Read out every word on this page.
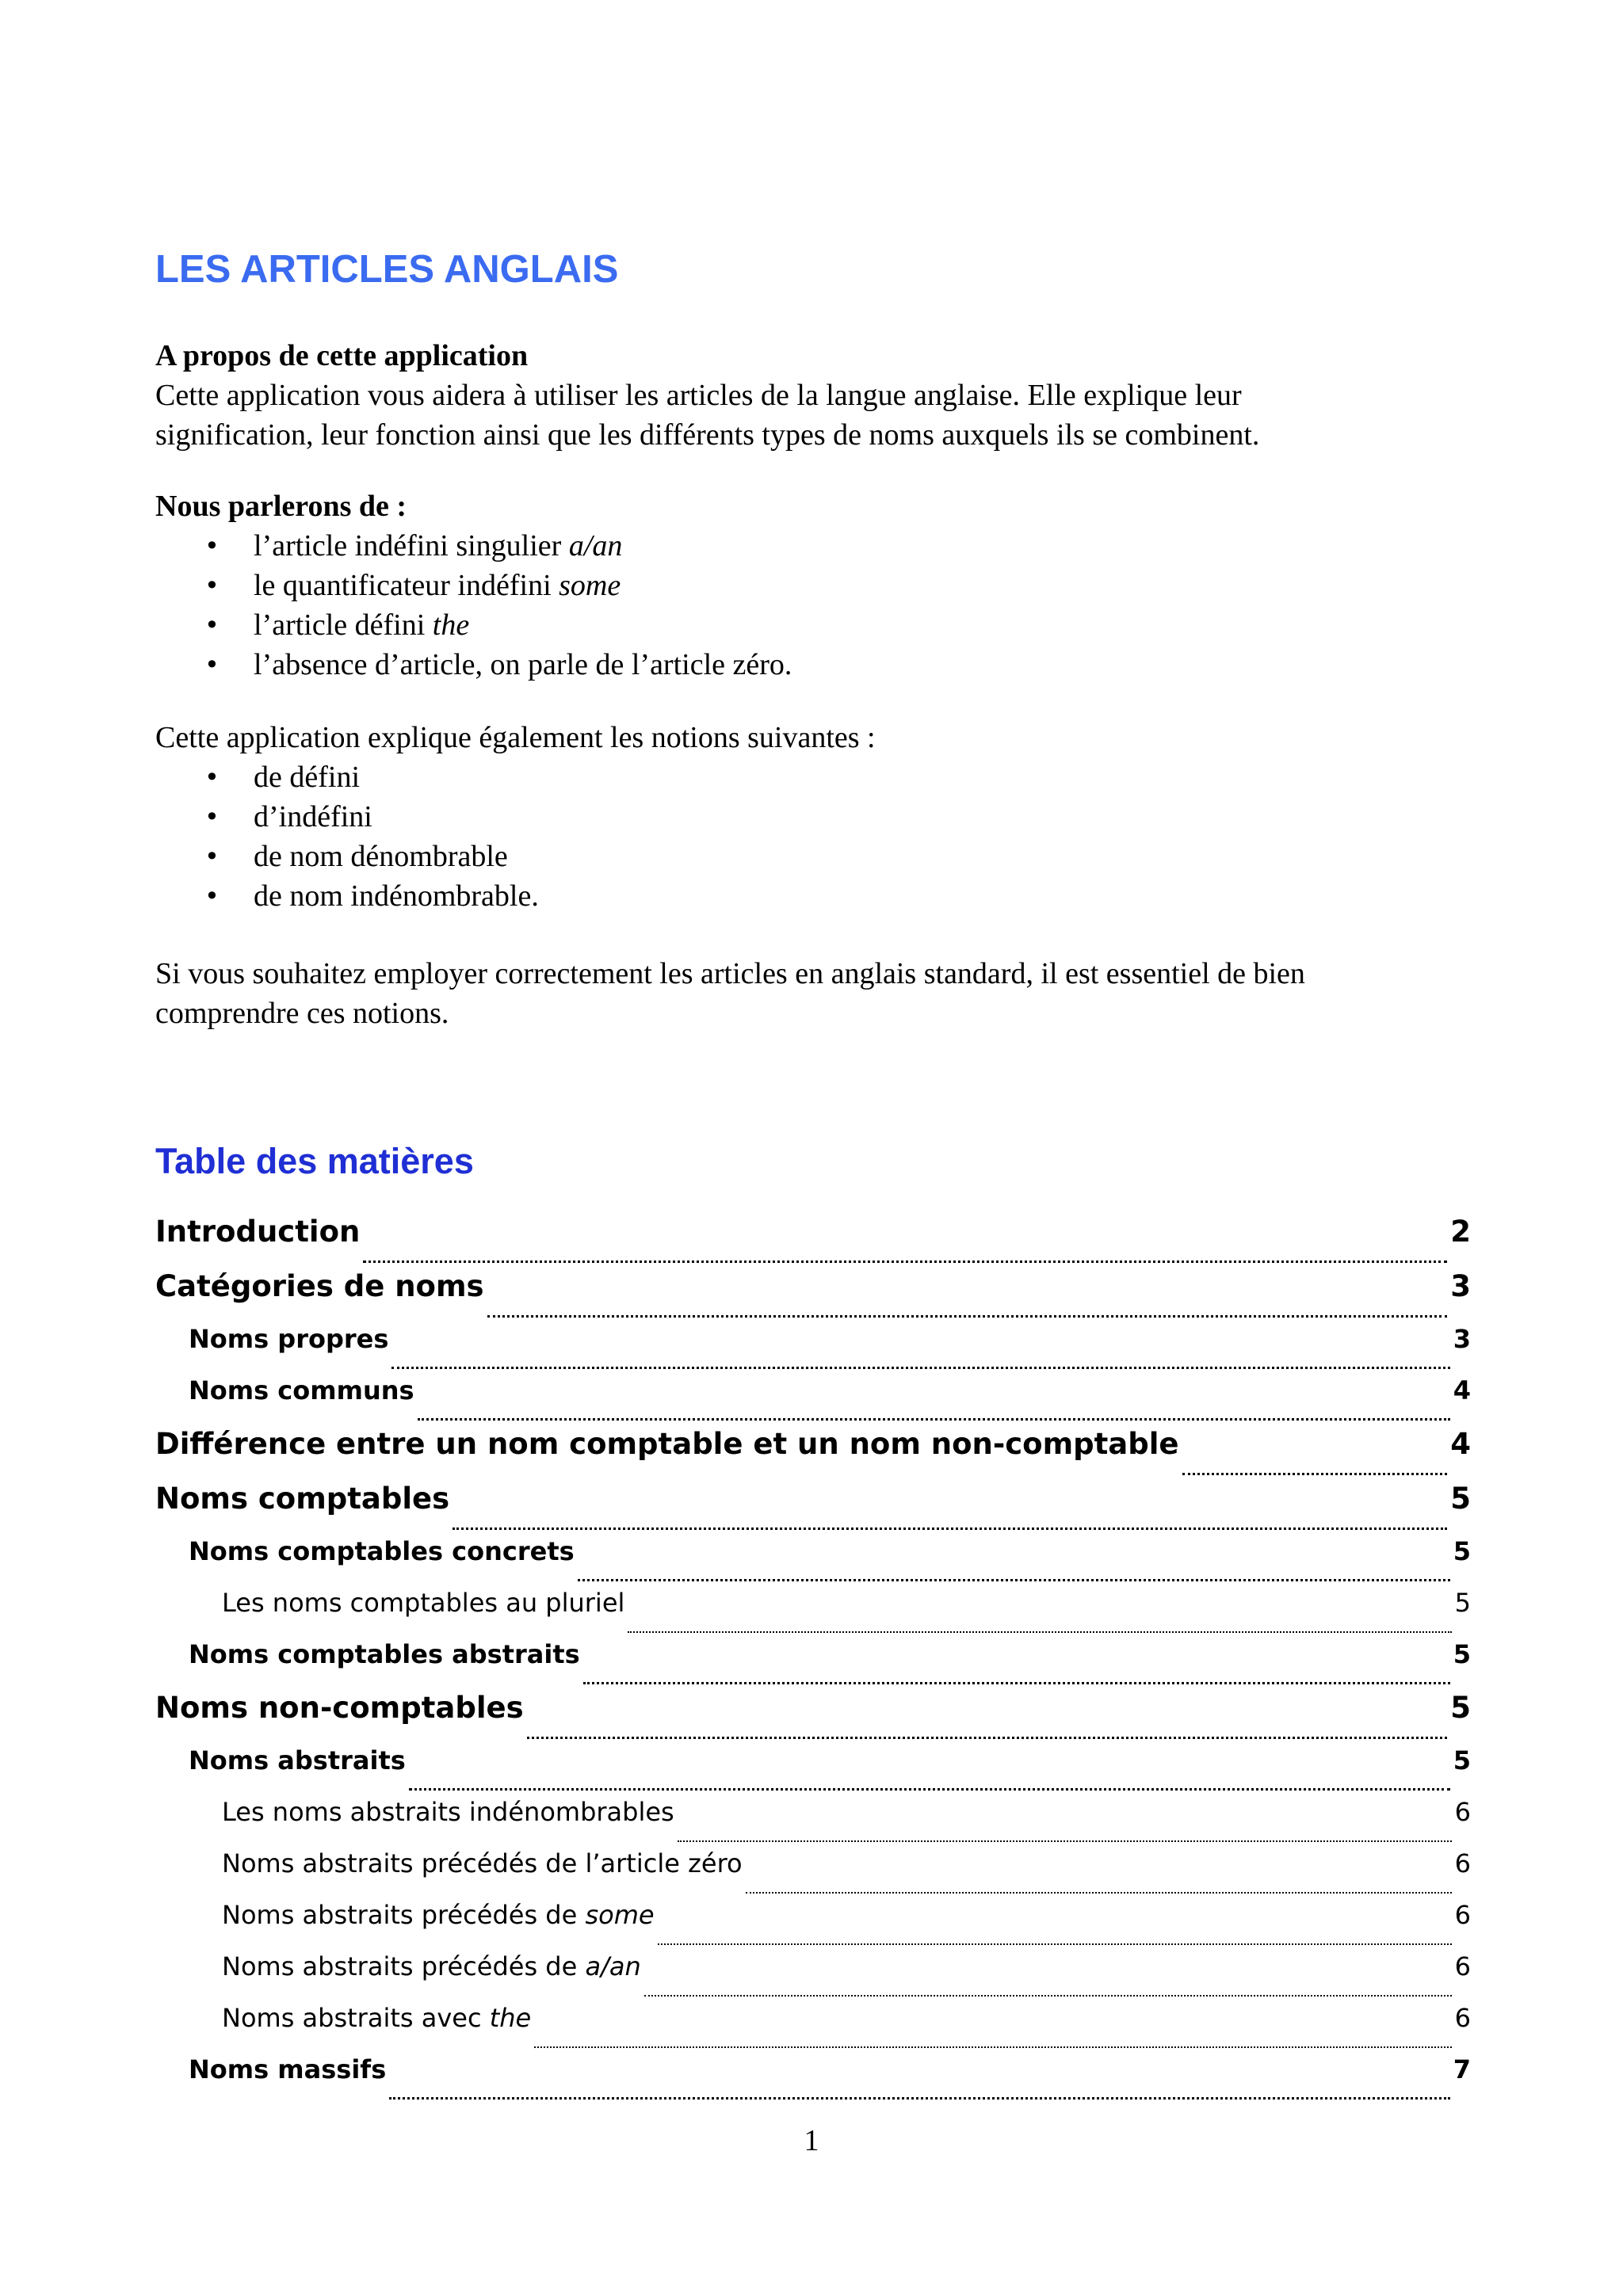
LES ARTICLES ANGLAIS
A propos de cette application

Cette application vous aidera à utiliser les articles de la langue anglaise. Elle explique leur

signification, leur fonction ainsi que les différents types de noms auxquels ils se combinent.

Nous parlerons de :
• l’article indéfini singulier a/an
• le quantificateur indéfini some
• l’article défini the
• l’absence d’article, on parle de l’article zéro.

Cette application explique également les notions suivantes :

• de défini
• d’indéfini
• de nom dénombrable
• de nom indénombrable.

Si vous souhaitez employer correctement les articles en anglais standard, il est essentiel de bien

comprendre ces notions.

Table des matières
Introduction	2
Catégories de noms	3
Noms propres	3
Noms communs	4
Différence entre un nom comptable et un nom non-comptable	4
Noms comptables	5
Noms comptables concrets	5
Les noms comptables au pluriel	5
Noms comptables abstraits	5
Noms non-comptables	5
Noms abstraits	5
Les noms abstraits indénombrables	6
Noms abstraits précédés de l’article zéro	6
Noms abstraits précédés de some	6
Noms abstraits précédés de a/an	6
Noms abstraits avec the	6
Noms massifs	7
1
